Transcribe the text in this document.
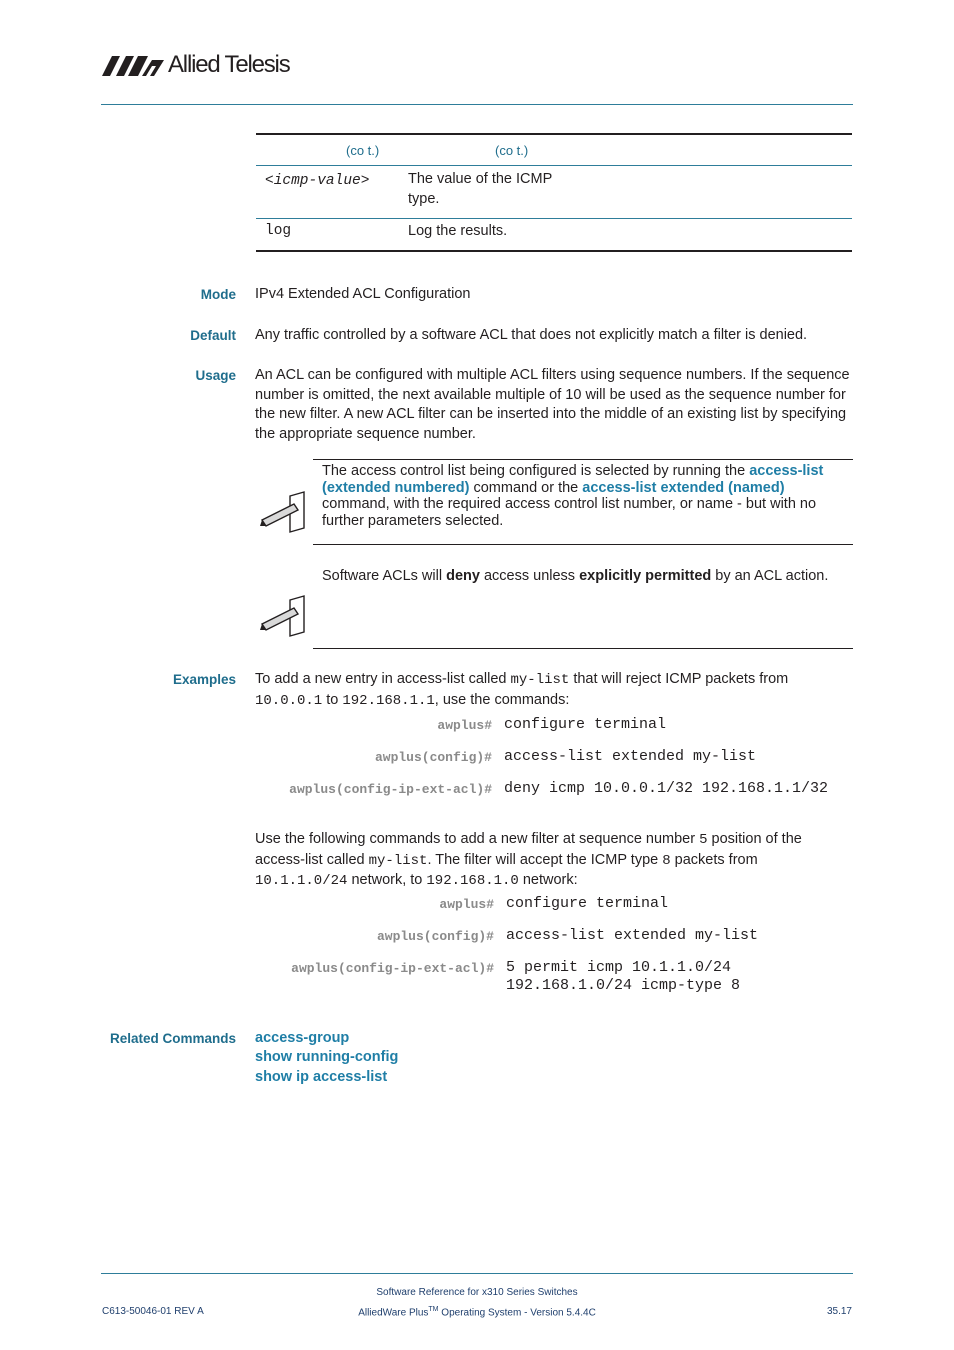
Allied Telesis
(co t.)	(co t.)
<icmp-value>	The value of the ICMP
type.
log	Log the results.
Mode IPv4 Extended ACL Configuration
Default Any traffic controlled by a software ACL that does not explicitly match a filter is denied.
Usage An ACL can be configured with multiple ACL filters using sequence numbers. If the sequence number is omitted, the next available multiple of 10 will be used as the sequence number for the new filter. A new ACL filter can be inserted into the middle of an existing list by specifying the appropriate sequence number.
The access control list being configured is selected by running the access-list (extended numbered) command or the access-list extended (named) command, with the required access control list number, or name - but with no further parameters selected.
Software ACLs will deny access unless explicitly permitted by an ACL action.
Examples To add a new entry in access-list called my-list that will reject ICMP packets from
10.0.0.1 to 192.168.1.1, use the commands:
awplus# configure terminal
awplus(config)# access-list extended my-list
awplus(config-ip-ext-acl)# deny icmp 10.0.0.1/32 192.168.1.1/32
Use the following commands to add a new filter at sequence number 5 position of the
access-list called my-list. The filter will accept the ICMP type 8 packets from
10.1.1.0/24 network, to 192.168.1.0 network:
awplus# configure terminal
awplus(config)# access-list extended my-list
awplus(config-ip-ext-acl)# 5 permit icmp 10.1.1.0/24
192.168.1.0/24 icmp-type 8
Related Commands access-group
show running-config
show ip access-list
Software Reference for x310 Series Switches
AlliedWare Plus™ Operating System - Version 5.4.4C
C613-50046-01 REV A	35.17
